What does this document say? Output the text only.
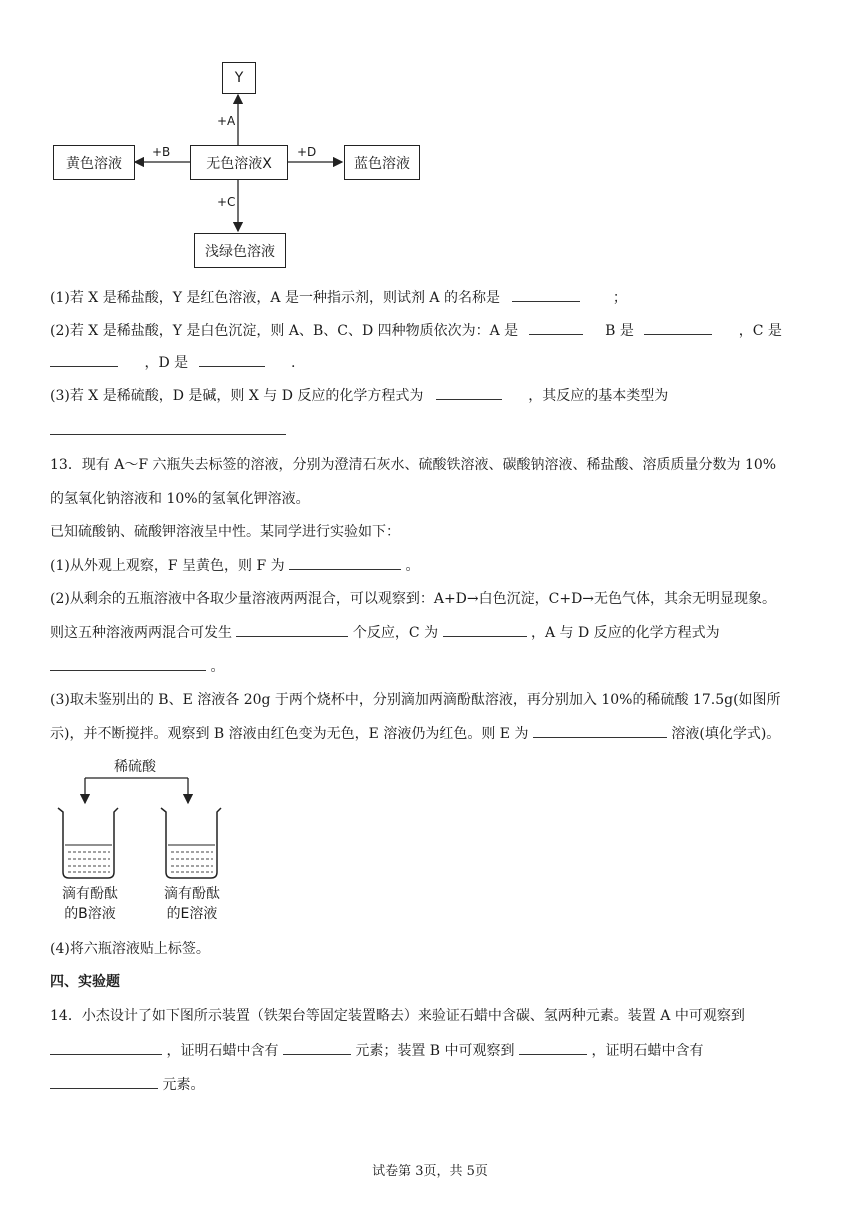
Y
无色溶液X
黄色溶液	蓝色溶液
浅绿色溶液
+A
+B
+C
+D
(1)若 X 是稀盐酸，Y 是红色溶液，A 是一种指示剂，则试剂 A 的名称是	；
(2)若 X 是稀盐酸，Y 是白色沉淀，则 A、B、C、D 四种物质依次为：A 是	B 是	，C 是
，D 是	.
(3)若 X 是稀硫酸，D 是碱，则 X 与 D 反应的化学方程式为	，其反应的基本类型为
13．现有 A～F 六瓶失去标签的溶液，分别为澄清石灰水、硫酸铁溶液、碳酸钠溶液、稀盐酸、溶质质量分数为 10%
的氢氧化钠溶液和 10%的氢氧化钾溶液。
已知硫酸钠、硫酸钾溶液呈中性。某同学进行实验如下：
(1)从外观上观察，F 呈黄色，则 F 为	。
(2)从剩余的五瓶溶液中各取少量溶液两两混合，可以观察到：A+D→白色沉淀，C+D→无色气体，其余无明显现象。
则这五种溶液两两混合可发生	个反应，C 为	，A 与 D 反应的化学方程式为
。
(3)取未鉴别出的 B、E 溶液各 20g 于两个烧杯中，分别滴加两滴酚酞溶液，再分别加入 10%的稀硫酸 17.5g(如图所
示)，并不断搅拌。观察到 B 溶液由红色变为无色，E 溶液仍为红色。则 E 为	溶液(填化学式)。
稀硫酸
滴有酚酞
的B溶液
滴有酚酞
的E溶液
(4)将六瓶溶液贴上标签。
四、实验题
14．小杰设计了如下图所示装置（铁架台等固定装置略去）来验证石蜡中含碳、氢两种元素。装置 A 中可观察到
，证明石蜡中含有	元素；装置 B 中可观察到	，证明石蜡中含有
元素。
试卷第 3页，共 5页
